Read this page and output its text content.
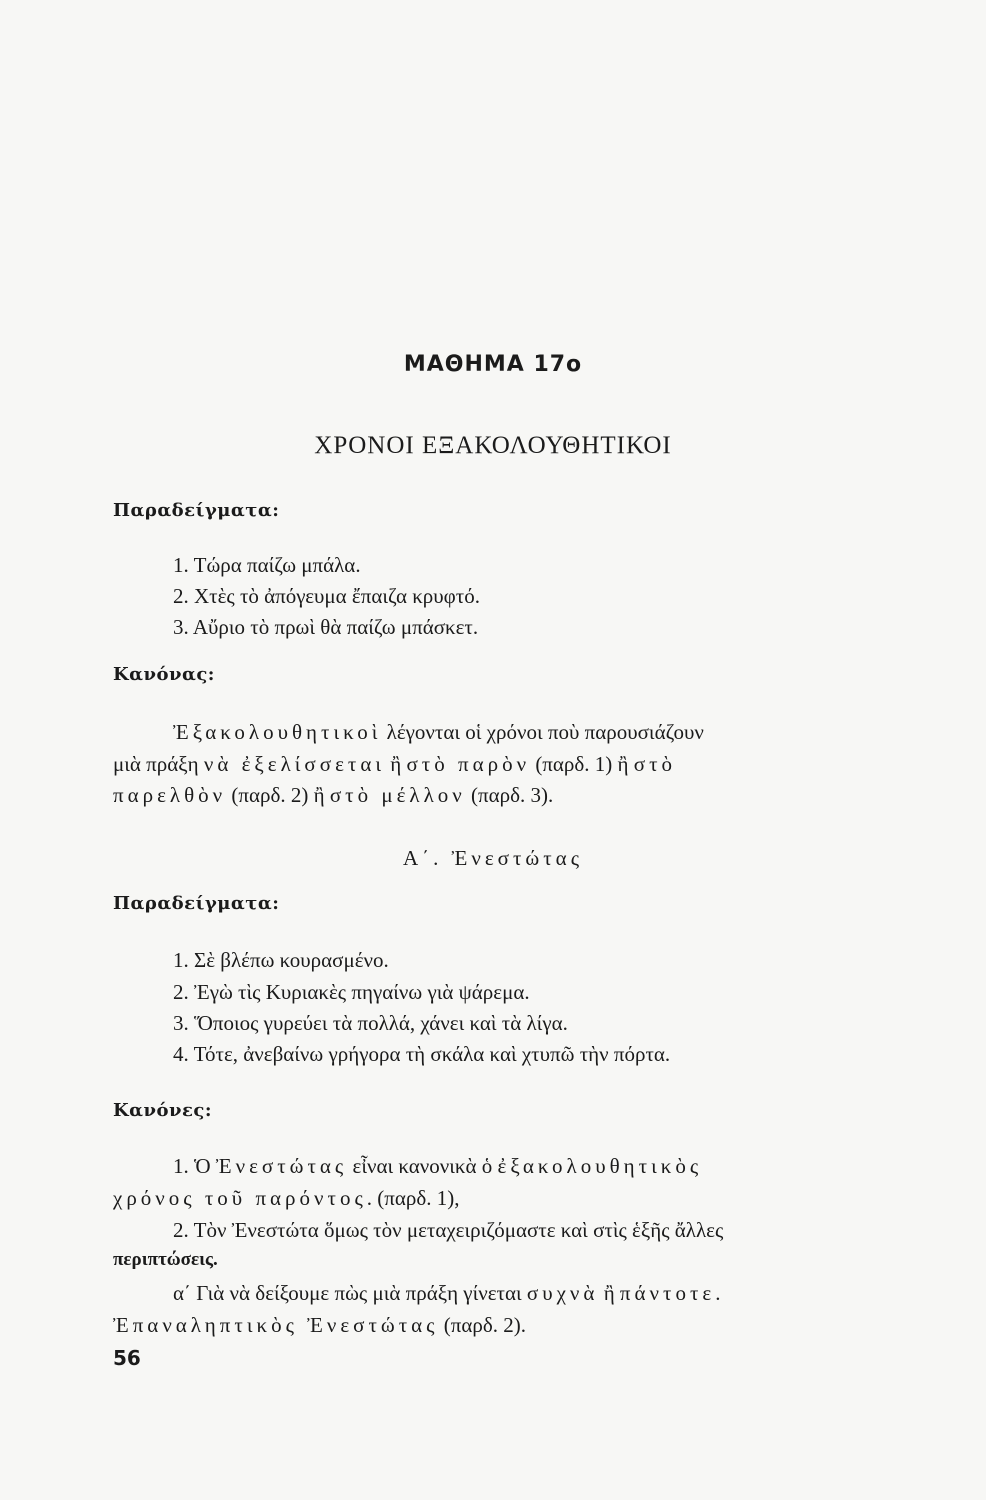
ΜΑΘΗΜΑ 17ο
ΧΡΟΝΟΙ ΕΞΑΚΟΛΟΥΘΗΤΙΚΟΙ
Παραδείγματα:
1. Τώρα παίζω μπάλα.
2. Χτὲς τὸ ἀπόγευμα ἔπαιζα κρυφτό.
3. Αὔριο τὸ πρωὶ θὰ παίζω μπάσκετ.
Κανόνας:
Ἐξακολουθητικοὶ λέγονται οἱ χρόνοι ποὺ παρουσιάζουν
μιὰ πράξη νὰ ἐξελίσσεται ἢ στὸ παρὸν (παρδ. 1) ἢ στὸ
παρελθὸν (παρδ. 2) ἢ στὸ μέλλον (παρδ. 3).
Α΄. Ἐνεστώτας
Παραδείγματα:
1. Σὲ βλέπω κουρασμένο.
2. Ἐγὼ τὶς Κυριακὲς πηγαίνω γιὰ ψάρεμα.
3. Ὅποιος γυρεύει τὰ πολλά, χάνει καὶ τὰ λίγα.
4. Τότε, ἀνεβαίνω γρήγορα τὴ σκάλα καὶ χτυπῶ τὴν πόρτα.
Κανόνες:
1. Ὁ Ἐνεστώτας εἶναι κανονικὰ ὁ ἐξακολουθητικὸς
χρόνος τοῦ παρόντος. (παρδ. 1),
2. Τὸν Ἐνεστώτα ὅμως τὸν μεταχειριζόμαστε καὶ στὶς ἑξῆς ἄλλες
περιπτώσεις.
α΄ Γιὰ νὰ δείξουμε πὼς μιὰ πράξη γίνεται συχνὰ ἢ πάντοτε.
Ἐπαναληπτικὸς Ἐνεστώτας (παρδ. 2).
56
